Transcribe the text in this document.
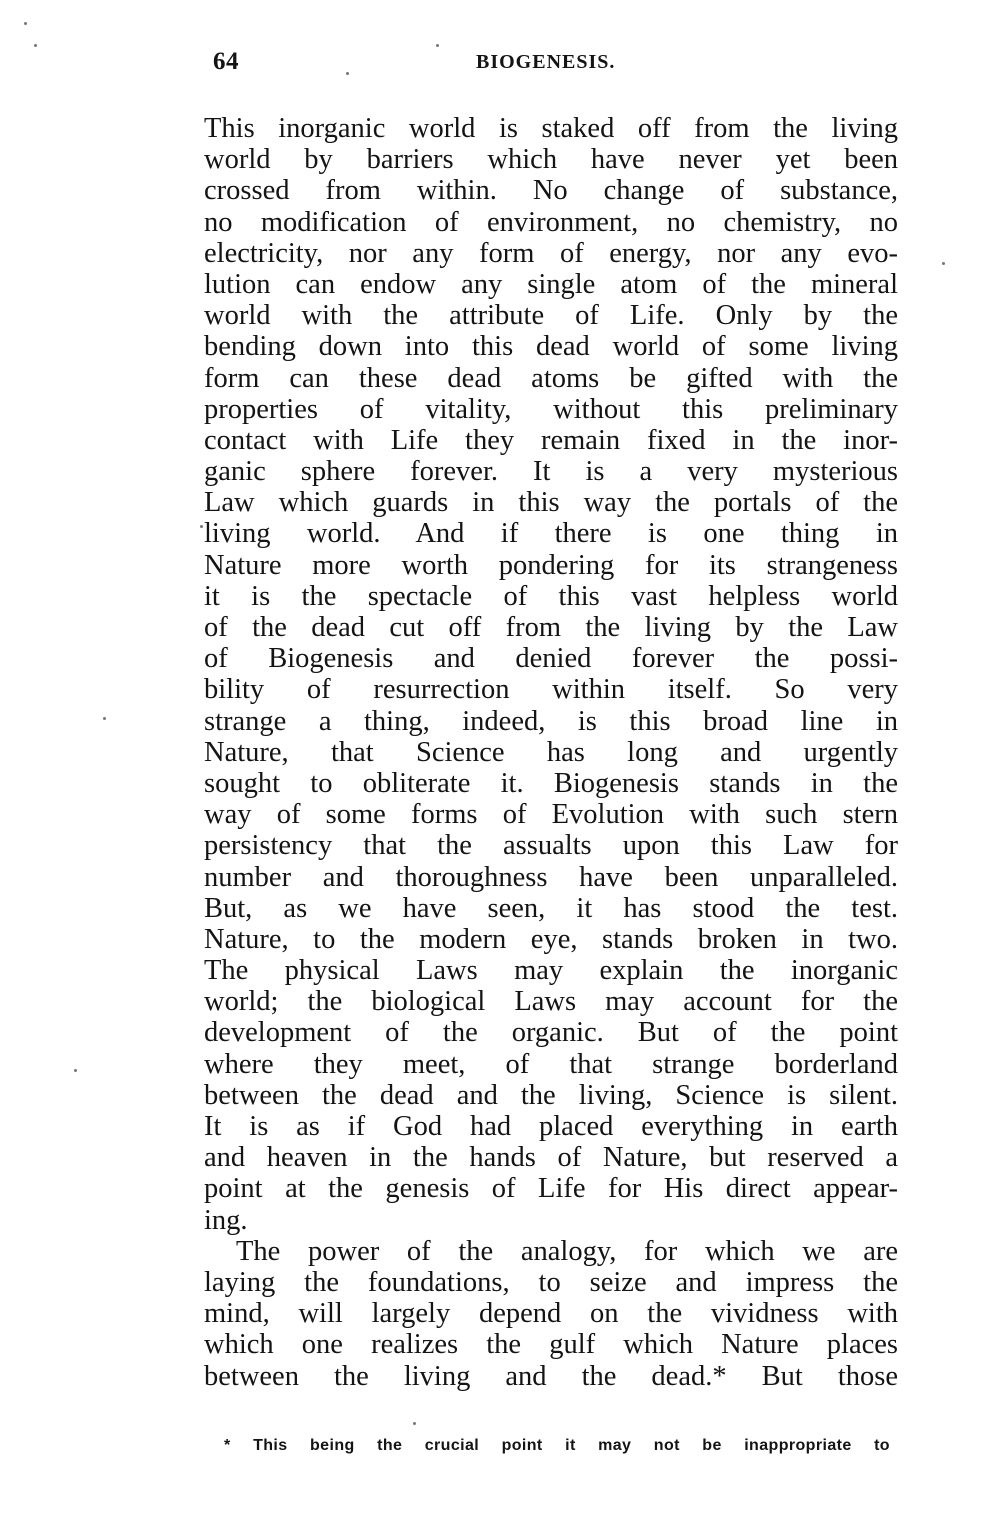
64	BIOGENESIS.
This inorganic world is staked off from the living
world by barriers which have never yet been
crossed from within. No change of substance,
no modification of environment, no chemistry, no
electricity, nor any form of energy, nor any evo-
lution can endow any single atom of the mineral
world with the attribute of Life. Only by the
bending down into this dead world of some living
form can these dead atoms be gifted with the
properties of vitality, without this preliminary
contact with Life they remain fixed in the inor-
ganic sphere forever. It is a very mysterious
Law which guards in this way the portals of the
living world. And if there is one thing in
Nature more worth pondering for its strangeness
it is the spectacle of this vast helpless world
of the dead cut off from the living by the Law
of Biogenesis and denied forever the possi-
bility of resurrection within itself. So very
strange a thing, indeed, is this broad line in
Nature, that Science has long and urgently
sought to obliterate it. Biogenesis stands in the
way of some forms of Evolution with such stern
persistency that the assualts upon this Law for
number and thoroughness have been unparalleled.
But, as we have seen, it has stood the test.
Nature, to the modern eye, stands broken in two.
The physical Laws may explain the inorganic
world; the biological Laws may account for the
development of the organic. But of the point
where they meet, of that strange borderland
between the dead and the living, Science is silent.
It is as if God had placed everything in earth
and heaven in the hands of Nature, but reserved a
point at the genesis of Life for His direct appear-
ing.
The power of the analogy, for which we are
laying the foundations, to seize and impress the
mind, will largely depend on the vividness with
which one realizes the gulf which Nature places
between the living and the dead.* But those
* This being the crucial point it may not be inappropriate to
